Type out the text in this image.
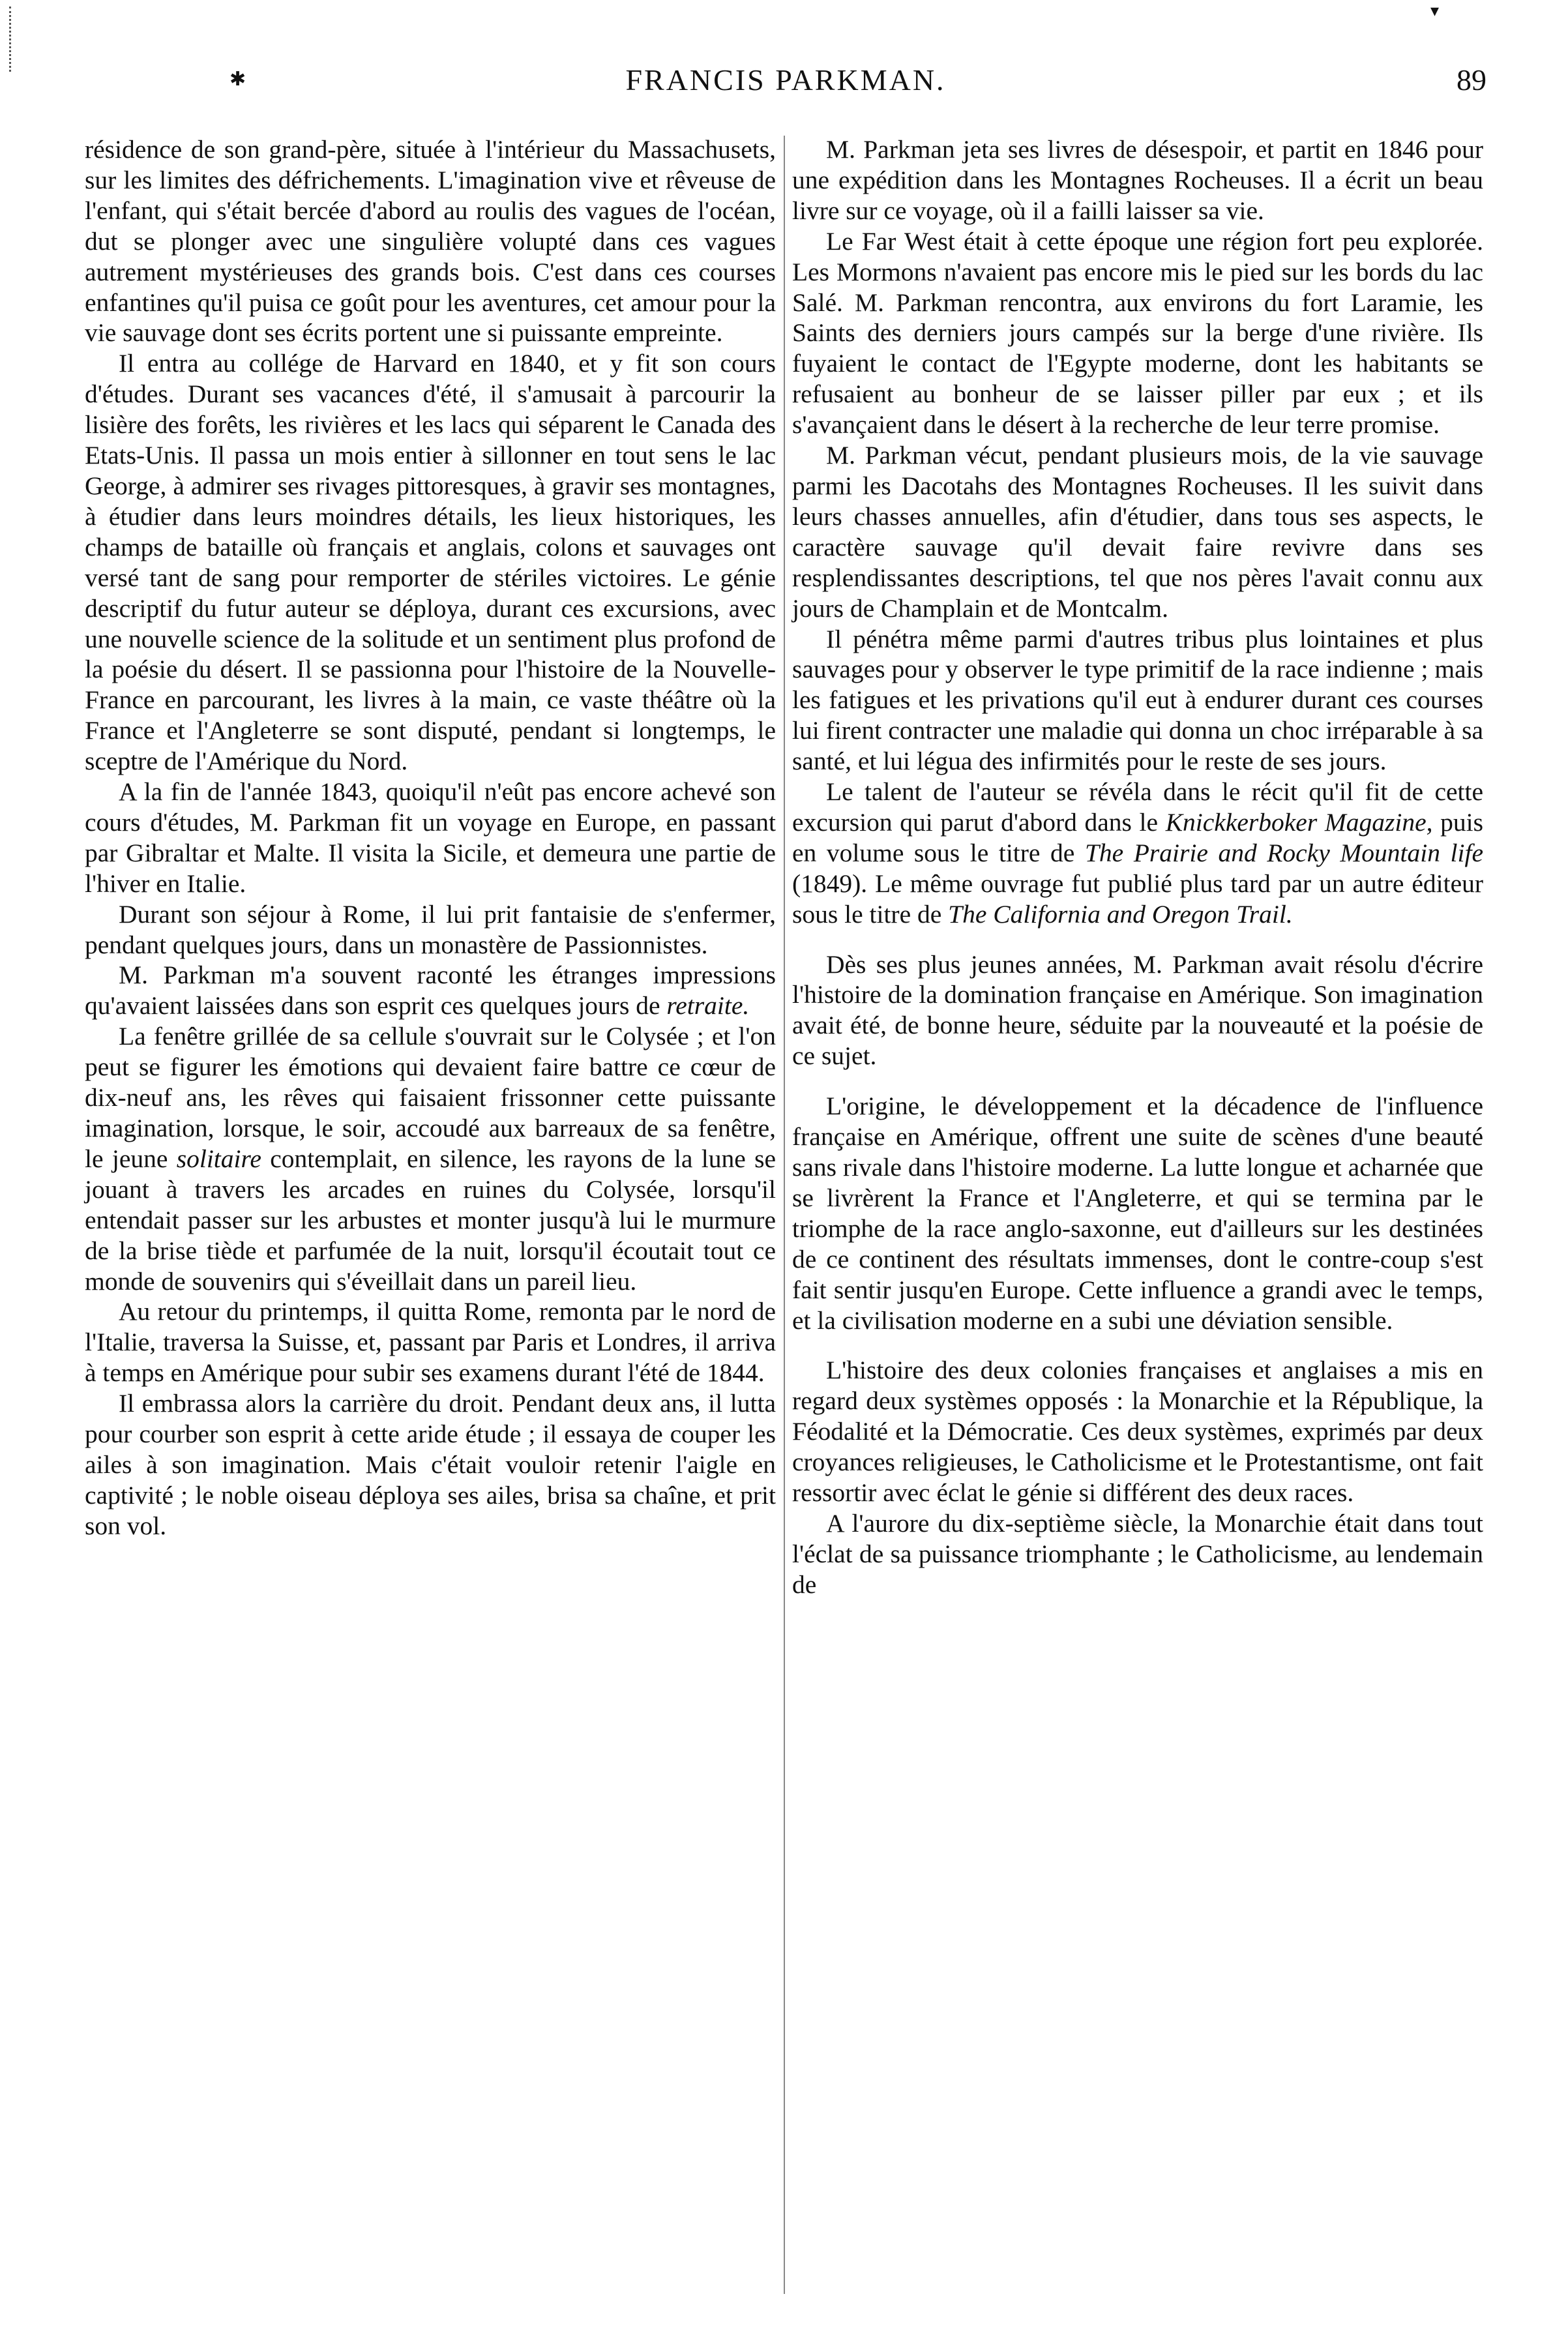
▾
✱	FRANCIS PARKMAN.	89

résidence de son grand-père, située à l'intérieur du Massachusets, sur les limites des défrichements. L'imagination vive et rêveuse de l'enfant, qui s'était bercée d'abord au roulis des vagues de l'océan, dut se plonger avec une singulière volupté dans ces vagues autrement mystérieuses des grands bois. C'est dans ces courses enfantines qu'il puisa ce goût pour les aventures, cet amour pour la vie sauvage dont ses écrits portent une si puissante empreinte.

Il entra au collége de Harvard en 1840, et y fit son cours d'études. Durant ses vacances d'été, il s'amusait à parcourir la lisière des forêts, les rivières et les lacs qui séparent le Canada des Etats-Unis. Il passa un mois entier à sillonner en tout sens le lac George, à admirer ses rivages pittoresques, à gravir ses montagnes, à étudier dans leurs moindres détails, les lieux historiques, les champs de bataille où français et anglais, colons et sauvages ont versé tant de sang pour remporter de stériles victoires. Le génie descriptif du futur auteur se déploya, durant ces excursions, avec une nouvelle science de la solitude et un sentiment plus profond de la poésie du désert. Il se passionna pour l'histoire de la Nouvelle-France en parcourant, les livres à la main, ce vaste théâtre où la France et l'Angleterre se sont disputé, pendant si longtemps, le sceptre de l'Amérique du Nord.

A la fin de l'année 1843, quoiqu'il n'eût pas encore achevé son cours d'études, M. Parkman fit un voyage en Europe, en passant par Gibraltar et Malte. Il visita la Sicile, et demeura une partie de l'hiver en Italie.

Durant son séjour à Rome, il lui prit fantaisie de s'enfermer, pendant quelques jours, dans un monastère de Passionnistes.

M. Parkman m'a souvent raconté les étranges impressions qu'avaient laissées dans son esprit ces quelques jours de retraite.

La fenêtre grillée de sa cellule s'ouvrait sur le Colysée ; et l'on peut se figurer les émotions qui devaient faire battre ce cœur de dix-neuf ans, les rêves qui faisaient frissonner cette puissante imagination, lorsque, le soir, accoudé aux barreaux de sa fenêtre, le jeune solitaire contemplait, en silence, les rayons de la lune se jouant à travers les arcades en ruines du Colysée, lorsqu'il entendait passer sur les arbustes et monter jusqu'à lui le murmure de la brise tiède et parfumée de la nuit, lorsqu'il écoutait tout ce monde de souvenirs qui s'éveillait dans un pareil lieu.

Au retour du printemps, il quitta Rome, remonta par le nord de l'Italie, traversa la Suisse, et, passant par Paris et Londres, il arriva à temps en Amérique pour subir ses examens durant l'été de 1844.

Il embrassa alors la carrière du droit. Pendant deux ans, il lutta pour courber son esprit à cette aride étude ; il essaya de couper les ailes à son imagination. Mais c'était vouloir retenir l'aigle en captivité ; le noble oiseau déploya ses ailes, brisa sa chaîne, et prit son vol.

M. Parkman jeta ses livres de désespoir, et partit en 1846 pour une expédition dans les Montagnes Rocheuses. Il a écrit un beau livre sur ce voyage, où il a failli laisser sa vie.

Le Far West était à cette époque une région fort peu explorée. Les Mormons n'avaient pas encore mis le pied sur les bords du lac Salé. M. Parkman rencontra, aux environs du fort Laramie, les Saints des derniers jours campés sur la berge d'une rivière. Ils fuyaient le contact de l'Egypte moderne, dont les habitants se refusaient au bonheur de se laisser piller par eux ; et ils s'avançaient dans le désert à la recherche de leur terre promise.

M. Parkman vécut, pendant plusieurs mois, de la vie sauvage parmi les Dacotahs des Montagnes Rocheuses. Il les suivit dans leurs chasses annuelles, afin d'étudier, dans tous ses aspects, le caractère sauvage qu'il devait faire revivre dans ses resplendissantes descriptions, tel que nos pères l'avait connu aux jours de Champlain et de Montcalm.

Il pénétra même parmi d'autres tribus plus lointaines et plus sauvages pour y observer le type primitif de la race indienne ; mais les fatigues et les privations qu'il eut à endurer durant ces courses lui firent contracter une maladie qui donna un choc irréparable à sa santé, et lui légua des infirmités pour le reste de ses jours.

Le talent de l'auteur se révéla dans le récit qu'il fit de cette excursion qui parut d'abord dans le Knickkerboker Magazine, puis en volume sous le titre de The Prairie and Rocky Mountain life (1849). Le même ouvrage fut publié plus tard par un autre éditeur sous le titre de The California and Oregon Trail.

Dès ses plus jeunes années, M. Parkman avait résolu d'écrire l'histoire de la domination française en Amérique. Son imagination avait été, de bonne heure, séduite par la nouveauté et la poésie de ce sujet.

L'origine, le développement et la décadence de l'influence française en Amérique, offrent une suite de scènes d'une beauté sans rivale dans l'histoire moderne. La lutte longue et acharnée que se livrèrent la France et l'Angleterre, et qui se termina par le triomphe de la race anglo-saxonne, eut d'ailleurs sur les destinées de ce continent des résultats immenses, dont le contre-coup s'est fait sentir jusqu'en Europe. Cette influence a grandi avec le temps, et la civilisation moderne en a subi une déviation sensible.

L'histoire des deux colonies françaises et anglaises a mis en regard deux systèmes opposés : la Monarchie et la République, la Féodalité et la Démocratie. Ces deux systèmes, exprimés par deux croyances religieuses, le Catholicisme et le Protestantisme, ont fait ressortir avec éclat le génie si différent des deux races.

A l'aurore du dix-septième siècle, la Monarchie était dans tout l'éclat de sa puissance triomphante ; le Catholicisme, au lendemain de
